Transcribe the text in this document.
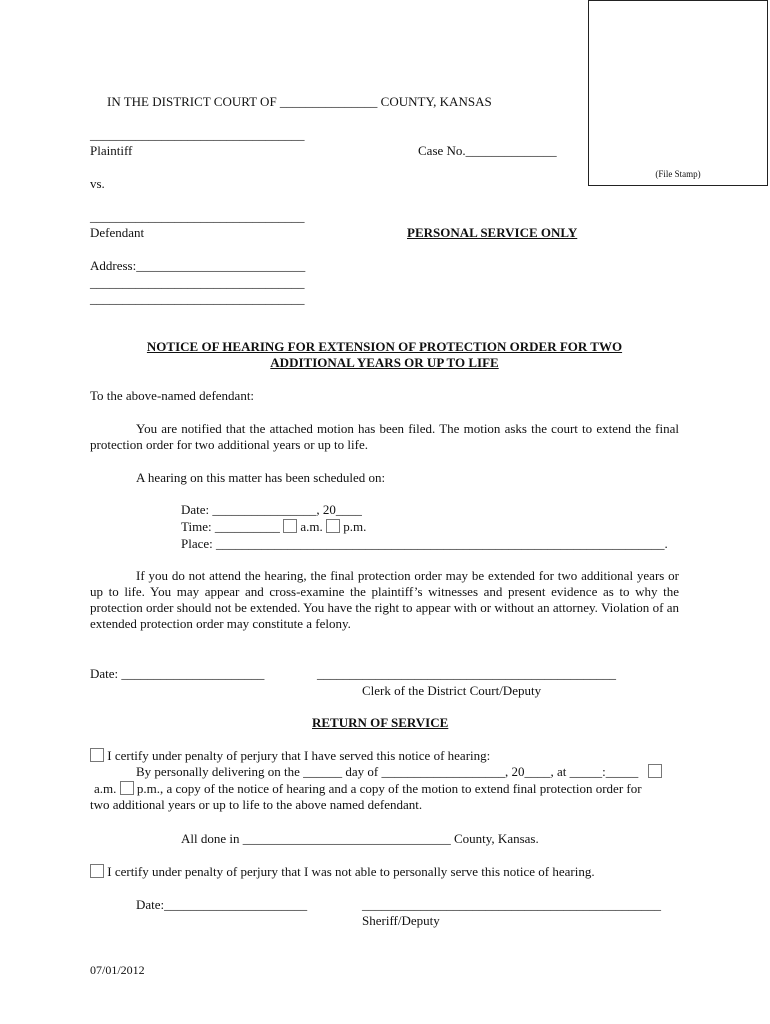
(File Stamp)
IN THE DISTRICT COURT OF _______________ COUNTY, KANSAS
_________________________________
Plaintiff	Case No.______________
vs.
_________________________________
Defendant	PERSONAL SERVICE ONLY
Address:__________________________
_________________________________
_________________________________
NOTICE OF HEARING FOR EXTENSION OF PROTECTION ORDER FOR TWO
ADDITIONAL YEARS OR UP TO LIFE
To the above-named defendant:
You are notified that the attached motion has been filed. The motion asks the court to extend the final protection order for two additional years or up to life.
A hearing on this matter has been scheduled on:
Date: ________________, 20____
Time: __________ a.m. p.m.
Place: _____________________________________________________________________.
If you do not attend the hearing, the final protection order may be extended for two additional years or up to life. You may appear and cross-examine the plaintiff’s witnesses and present evidence as to why the protection order should not be extended. You have the right to appear with or without an attorney. Violation of an extended protection order may constitute a felony.
Date: ______________________	______________________________________________
Clerk of the District Court/Deputy
RETURN OF SERVICE
I certify under penalty of perjury that I have served this notice of hearing:
By personally delivering on the ______ day of ___________________, 20____, at _____:_____
a.m. p.m., a copy of the notice of hearing and a copy of the motion to extend final protection order for
two additional years or up to life to the above named defendant.
All done in ________________________________ County, Kansas.
I certify under penalty of perjury that I was not able to personally serve this notice of hearing.
Date:______________________	______________________________________________
Sheriff/Deputy
07/01/2012
